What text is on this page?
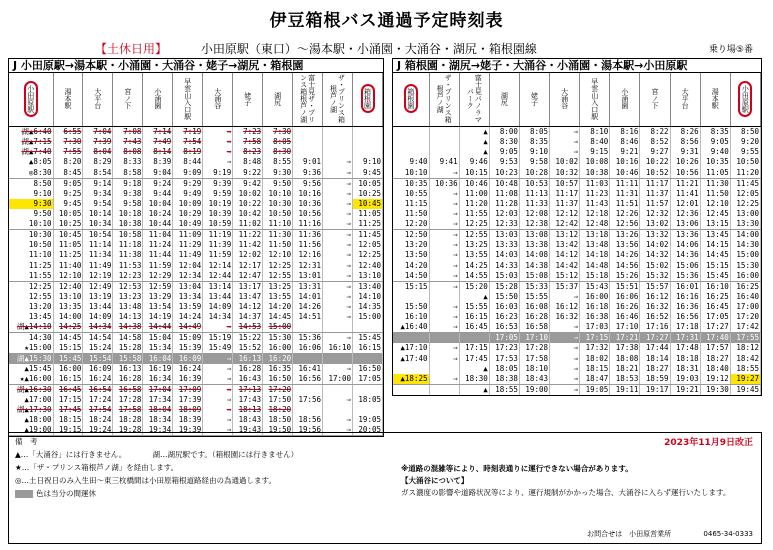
伊豆箱根バス通過予定時刻表
【土休日用】	小田原駅（東口）～湯本駅・小涌園・大涌谷・湖尻・箱根園線	乗り場⑤番
J 小田原駅→湯本駅・小涌園・大涌谷・姥子→湖尻・箱根園
小田原駅	湯本駅	大平台	宮ノ下	小涌園	早雲山入口駅	大涌谷	姥子	湖尻	富士見ザ・プリンス箱根芦ノ湖	ザ・プリンス箱根芦ノ湖	箱根園
湖▲6:40	6:55	7:04	7:08	7:14	7:19	⇒	7:23	7:30			
湖▲7:15	7:30	7:39	7:43	7:49	7:54	⇒	7:58	8:05			
湖▲7:40	7:55	8:04	8:08	8:14	8:19	⇒	8:23	8:30			
▲8:05	8:20	8:29	8:33	8:39	8:44	⇒	8:48	8:55	9:01	⇒	9:10
◎8:30	8:45	8:54	8:58	9:04	9:09	9:19	9:22	9:30	9:36	⇒	9:45
8:50	9:05	9:14	9:18	9:24	9:29	9:39	9:42	9:50	9:56	⇒	10:05
9:10	9:25	9:34	9:38	9:44	9:49	9:59	10:02	10:10	10:16	⇒	10:25
9:30	9:45	9:54	9:58	10:04	10:09	10:19	10:22	10:30	10:36	⇒	10:45
9:50	10:05	10:14	10:18	10:24	10:29	10:39	10:42	10:50	10:56	⇒	11:05
10:10	10:25	10:34	10:38	10:44	10:49	10:59	11:02	11:10	11:16	⇒	11:25
10:30	10:45	10:54	10:58	11:04	11:09	11:19	11:22	11:30	11:36	⇒	11:45
10:50	11:05	11:14	11:18	11:24	11:29	11:39	11:42	11:50	11:56	⇒	12:05
11:10	11:25	11:34	11:38	11:44	11:49	11:59	12:02	12:10	12:16	⇒	12:25
11:25	11:40	11:49	11:53	11:59	12:04	12:14	12:17	12:25	12:31	⇒	12:40
11:55	12:10	12:19	12:23	12:29	12:34	12:44	12:47	12:55	13:01	⇒	13:10
12:25	12:40	12:49	12:53	12:59	13:04	13:14	13:17	13:25	13:31	⇒	13:40
12:55	13:10	13:19	13:23	13:29	13:34	13:44	13:47	13:55	14:01	⇒	14:10
13:20	13:35	13:44	13:48	13:54	13:59	14:09	14:12	14:20	14:26	⇒	14:35
13:45	14:00	14:09	14:13	14:19	14:24	14:34	14:37	14:45	14:51	⇒	15:00
湖▲14:10	14:25	14:34	14:38	14:44	14:49	⇒	14:53	15:00			
14:30	14:45	14:54	14:58	15:04	15:09	15:19	15:22	15:30	15:36	⇒	15:45
★15:00	15:15	15:24	15:28	15:34	15:39	15:49	15:52	16:00	16:06	16:10	16:15
湖▲15:30	15:45	15:54	15:58	16:04	16:09	⇒	16:13	16:20			
▲15:45	16:00	16:09	16:13	16:19	16:24	⇒	16:28	16:35	16:41	⇒	16:50
★▲16:00	16:15	16:24	16:28	16:34	16:39	⇒	16:43	16:50	16:56	17:00	17:05
湖▲16:30	16:45	16:54	16:58	17:04	17:09	⇒	17:13	17:20			
▲17:00	17:15	17:24	17:28	17:34	17:39	⇒	17:43	17:50	17:56	⇒	18:05
湖▲17:30	17:45	17:54	17:58	18:04	18:09	⇒	18:13	18:20			
▲18:00	18:15	18:24	18:28	18:34	18:39	⇒	18:43	18:50	18:56	⇒	19:05
▲19:00	19:15	19:24	19:28	19:34	19:39	⇒	19:43	19:50	19:56	⇒	20:05
J 箱根園・湖尻→姥子・大涌谷・小涌園・湯本駅→小田原駅
箱根園	ザ・プリンス箱根芦ノ湖	富士見パノラマパーク	湖尻	姥子	大涌谷	早雲山入口駅	小涌園	宮ノ下	大平台	湯本駅	小田原駅
		▲	8:00	8:05	⇒	8:10	8:16	8:22	8:26	8:35	8:50
		▲	8:30	8:35	⇒	8:40	8:46	8:52	8:56	9:05	9:20
		▲	9:05	9:10	⇒	9:15	9:21	9:27	9:31	9:40	9:55
9:40	9:41	9:46	9:53	9:58	10:02	10:08	10:16	10:22	10:26	10:35	10:50
10:10	⇒	10:15	10:23	10:28	10:32	10:38	10:46	10:52	10:56	11:05	11:20
10:35	10:36	10:46	10:48	10:53	10:57	11:03	11:11	11:17	11:21	11:30	11:45
10:55	⇒	11:00	11:08	11:13	11:17	11:23	11:31	11:37	11:41	11:50	12:05
11:15	⇒	11:20	11:28	11:33	11:37	11:43	11:51	11:57	12:01	12:10	12:25
11:50	⇒	11:55	12:03	12:08	12:12	12:18	12:26	12:32	12:36	12:45	13:00
12:20	⇒	12:25	12:33	12:38	12:42	12:48	12:56	13:02	13:06	13:15	13:30
12:50	⇒	12:55	13:03	13:08	13:12	13:18	13:26	13:32	13:36	13:45	14:00
13:20	⇒	13:25	13:33	13:38	13:42	13:48	13:56	14:02	14:06	14:15	14:30
13:50	⇒	13:55	14:03	14:08	14:12	14:18	14:26	14:32	14:36	14:45	15:00
14:20	⇒	14:25	14:33	14:38	14:42	14:48	14:56	15:02	15:06	15:15	15:30
14:50	⇒	14:55	15:03	15:08	15:12	15:18	15:26	15:32	15:36	15:45	16:00
15:15	⇒	15:20	15:28	15:33	15:37	15:43	15:51	15:57	16:01	16:10	16:25
		▲	15:50	15:55	⇒	16:00	16:06	16:12	16:16	16:25	16:40
15:50	⇒	15:55	16:03	16:08	16:12	16:18	16:26	16:32	16:36	16:45	17:00
16:10	⇒	16:15	16:23	16:28	16:32	16:38	16:46	16:52	16:56	17:05	17:20
▲16:40	⇒	16:45	16:53	16:58	⇒	17:03	17:10	17:16	17:18	17:27	17:42
			17:05	17:10	⇒	17:15	17:21	17:27	17:31	17:40	17:55
▲17:10	⇒	17:15	17:23	17:28	⇒	17:32	17:38	17:44	17:48	17:57	18:12
▲17:40	⇒	17:45	17:53	17:58	⇒	18:02	18:08	18:14	18:18	18:27	18:42
		▲	18:05	18:10	⇒	18:15	18:21	18:27	18:31	18:40	18:55
▲18:25	⇒	18:30	18:38	18:43	⇒	18:47	18:53	18:59	19:03	19:12	19:27
		▲	18:55	19:00	⇒	19:05	19:11	19:17	19:21	19:30	19:45
備　考
▲…「大涌谷」には行きません。　　　　湖…湖尻駅です。（箱根園には行きません）
★…「ザ・プリンス箱根芦ノ湖」を経由します。
◎…土日祝日のみ入生田～東三枚橋間は小田原箱根道路経由の為通過します。
色は当分の間運休
2023年11月9日改正
※道路の混雑等により、時刻表通りに運行できない場合があります。
【大涌谷について】
ガス濃度の影響や道路状況等により、運行規制がかかった場合、大涌谷に入らず運行いたします。
お問合せは　小田原営業所	0465-34-0333
